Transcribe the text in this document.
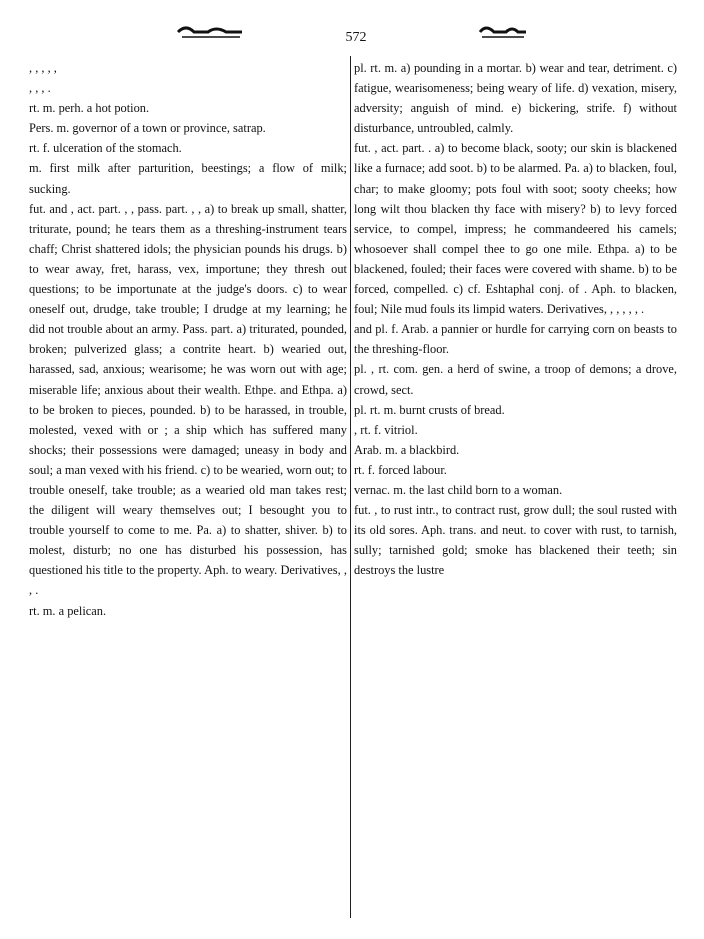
572

, , , , ,

, , , .

rt. m. perh. a hot potion.

Pers. m. governor of a town or province, satrap.

rt. f. ulceration of the stomach.

m. first milk after parturition, beestings; a flow of milk; sucking.

fut. and , act. part. , , pass. part. , , a) to break up small, shatter, triturate, pound; he tears them as a threshing-instrument tears chaff; Christ shattered idols; the physician pounds his drugs. b) to wear away, fret, harass, vex, importune; they thresh out questions; to be importunate at the judge's doors. c) to wear oneself out, drudge, take trouble; I drudge at my learning; he did not trouble about an army. Pass. part. a) triturated, pounded, broken; pulverized glass; a contrite heart. b) wearied out, harassed, sad, anxious; wearisome; he was worn out with age; miserable life; anxious about their wealth. Ethpe. and Ethpa. a) to be broken to pieces, pounded. b) to be harassed, in trouble, molested, vexed with or ; a ship which has suffered many shocks; their possessions were damaged; uneasy in body and soul; a man vexed with his friend. c) to be wearied, worn out; to trouble oneself, take trouble; as a wearied old man takes rest; the diligent will weary themselves out; I besought you to trouble yourself to come to me. Pa. a) to shatter, shiver. b) to molest, disturb; no one has disturbed his possession, has questioned his title to the property. Aph. to weary. Derivatives, , , .

rt. m. a pelican.

pl. rt. m. a) pounding in a mortar. b) wear and tear, detriment. c) fatigue, wearisomeness; being weary of life. d) vexation, misery, adversity; anguish of mind. e) bickering, strife. f) without disturbance, untroubled, calmly.

fut. , act. part. . a) to become black, sooty; our skin is blackened like a furnace; add soot. b) to be alarmed. Pa. a) to blacken, foul, char; to make gloomy; pots foul with soot; sooty cheeks; how long wilt thou blacken thy face with misery? b) to levy forced service, to compel, impress; he commandeered his camels; whosoever shall compel thee to go one mile. Ethpa. a) to be blackened, fouled; their faces were covered with shame. b) to be forced, compelled. c) cf. Eshtaphal conj. of . Aph. to blacken, foul; Nile mud fouls its limpid waters. Derivatives, , , , , , .

and pl. f. Arab. a pannier or hurdle for carrying corn on beasts to the threshing-floor.

pl. , rt. com. gen. a herd of swine, a troop of demons; a drove, crowd, sect.

pl. rt. m. burnt crusts of bread.

, rt. f. vitriol.

Arab. m. a blackbird.

rt. f. forced labour.

vernac. m. the last child born to a woman.

fut. , to rust intr., to contract rust, grow dull; the soul rusted with its old sores. Aph. trans. and neut. to cover with rust, to tarnish, sully; tarnished gold; smoke has blackened their teeth; sin destroys the lustre
